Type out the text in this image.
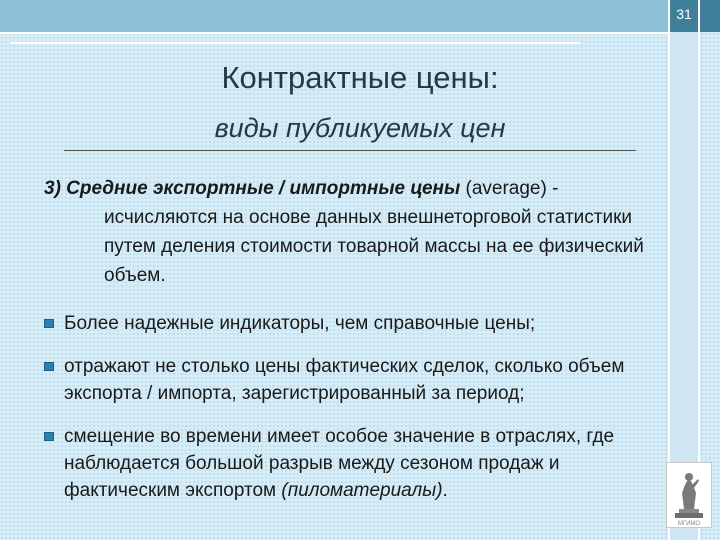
31
Контрактные цены:
виды публикуемых цен
3) Средние экспортные / импортные цены (average) -
исчисляются на основе данных внешнеторговой статистики путем деления стоимости товарной массы на ее физический объем.
Более надежные индикаторы, чем справочные цены;
отражают не столько цены фактических сделок, сколько объем экспорта / импорта, зарегистрированный за период;
смещение во времени имеет особое значение в отраслях, где наблюдается большой разрыв между сезоном продаж и фактическим экспортом (пиломатериалы).
МГИМО
